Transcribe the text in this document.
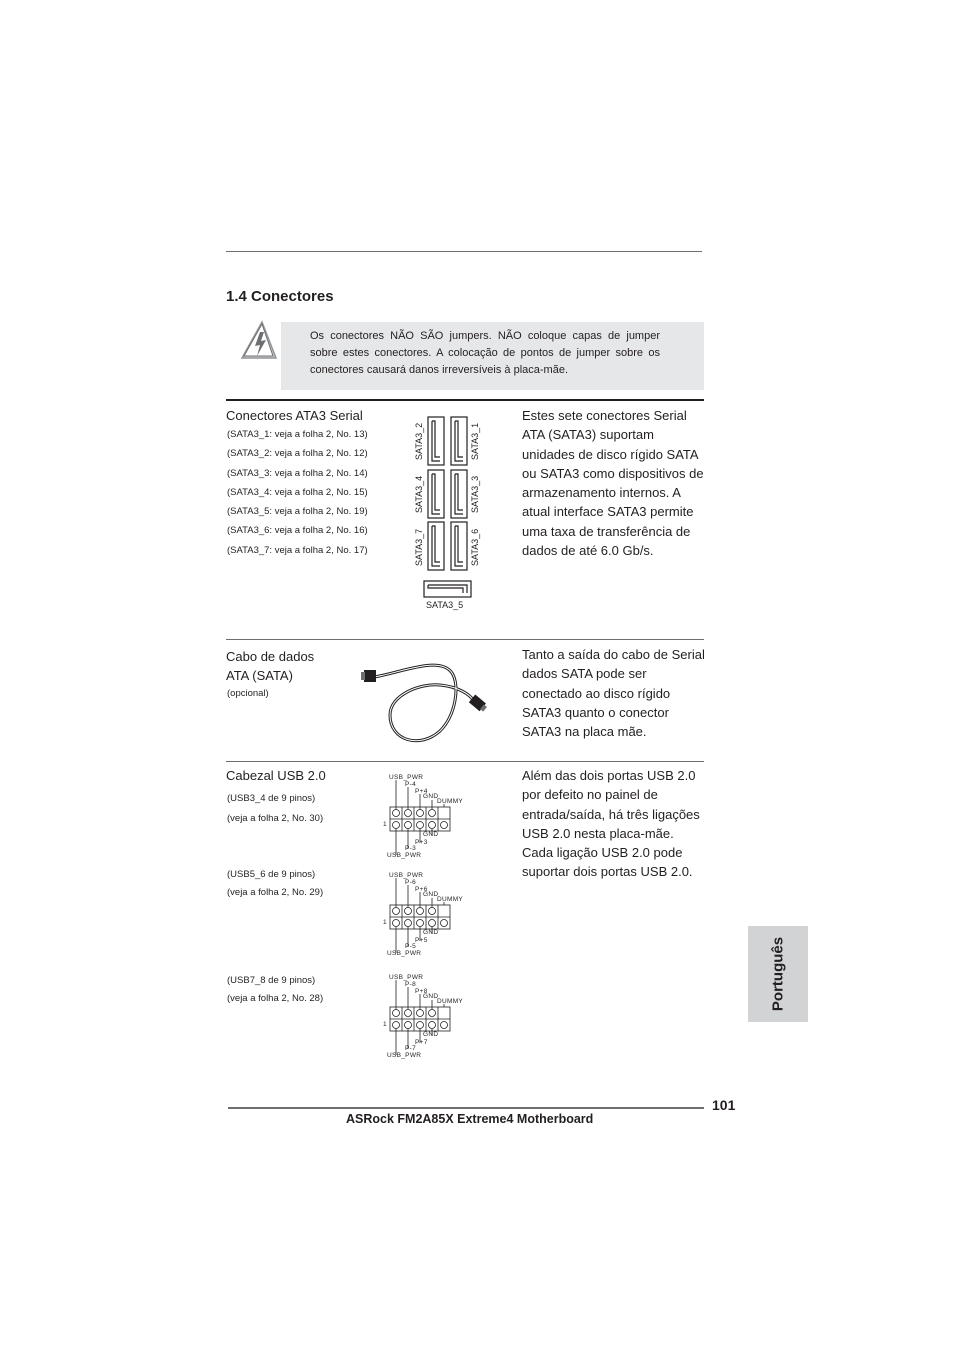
1.4 Conectores
Os conectores NÃO SÃO jumpers. NÃO coloque capas de jumper
sobre estes conectores. A colocação de pontos de jumper sobre os
conectores causará danos irreversíveis à placa-mãe.
Conectores ATA3 Serial
(SATA3_1: veja a folha 2, No. 13)
(SATA3_2: veja a folha 2, No. 12)
(SATA3_3: veja a folha 2, No. 14)
(SATA3_4: veja a folha 2, No. 15)
(SATA3_5: veja a folha 2, No. 19)
(SATA3_6: veja a folha 2, No. 16)
(SATA3_7: veja a folha 2, No. 17)
SATA3_2	SATA3_1
SATA3_4	SATA3_3
SATA3_7	SATA3_6
SATA3_5
Estes sete conectores Serial
ATA (SATA3) suportam
unidades de disco rígido SATA
ou SATA3 como dispositivos de
armazenamento internos. A
atual interface SATA3 permite
uma taxa de transferência de
dados de até 6.0 Gb/s.
Cabo de dados
ATA (SATA)
(opcional)
Tanto a saída do cabo de Serial
dados SATA pode ser
conectado ao disco rígido
SATA3 quanto o conector
SATA3 na placa mãe.
Cabezal USB 2.0
(USB3_4 de 9 pinos)
(veja a folha 2, No. 30)
(USB5_6 de 9 pinos)
(veja a folha 2, No. 29)
(USB7_8 de 9 pinos)
(veja a folha 2, No. 28)
USB_PWR
P-4
P+4
GND
DUMMY
1
GND
P+3
P-3
USB_PWR
USB_PWR
P-6
P+6
GND
DUMMY
1
GND
P+5
P-5
USB_PWR
USB_PWR
P-8
P+8
GND
DUMMY
1
GND
P+7
P-7
USB_PWR
Além das dois portas USB 2.0
por defeito no painel de
entrada/saída, há três ligações
USB 2.0 nesta placa-mãe.
Cada ligação USB 2.0 pode
suportar dois portas USB 2.0.
Português
101
ASRock FM2A85X Extreme4 Motherboard
